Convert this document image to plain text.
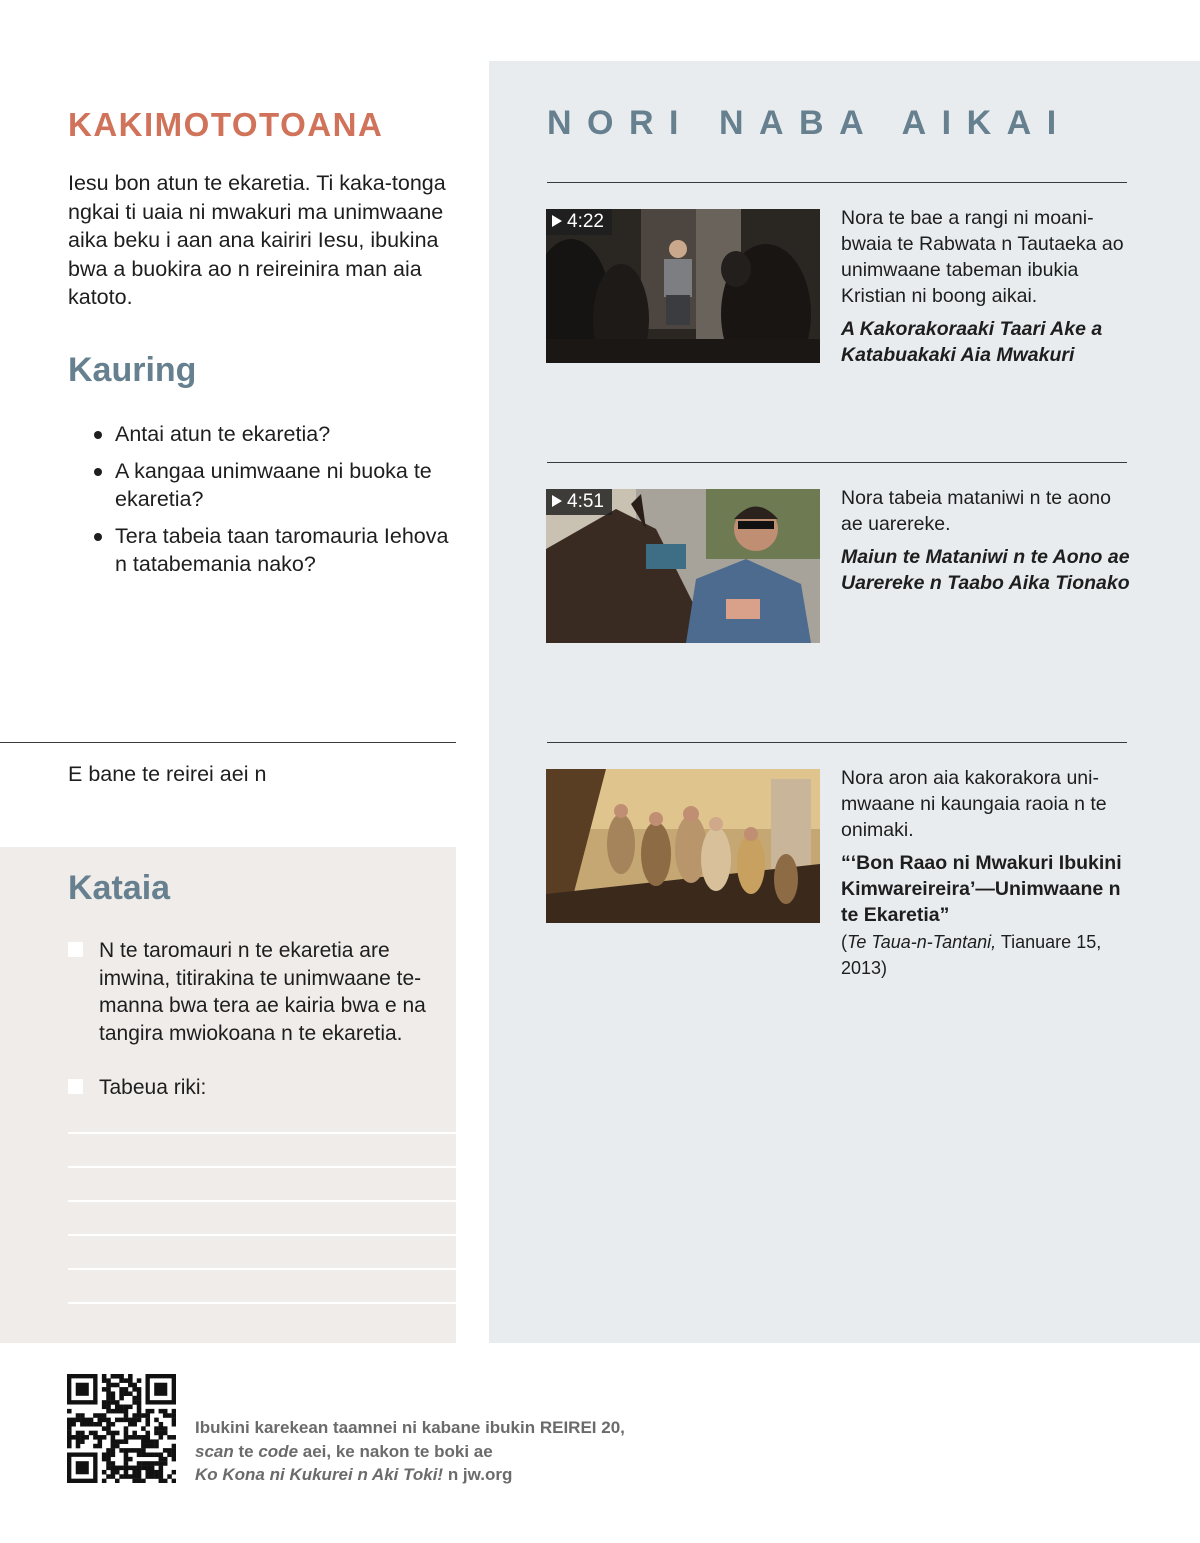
KAKIMOTOTOANA
Iesu bon atun te ekaretia. Ti kaka-tonga ngkai ti uaia ni mwakuri ma unimwaane aika beku i aan ana kairiri Iesu, ibukina bwa a buokira ao n reireinira man aia katoto.
Kauring
Antai atun te ekaretia?
A kangaa unimwaane ni buoka te ekaretia?
Tera tabeia taan taromauria Iehova n tatabemania nako?
E bane te reirei aei n
Kataia
N te taromauri n te ekaretia are imwina, titirakina te unimwaane te-manna bwa tera ae kairia bwa e na tangira mwiokoana n te ekaretia.
Tabeua riki:
NORI NABA AIKAI
4:22	Nora te bae a rangi ni moani-bwaia te Rabwata n Tautaeka ao unimwaane tabeman ibukia Kristian ni boong aikai.
A Kakorakoraaki Taari Ake a Katabuakaki Aia Mwakuri
4:51	Nora tabeia mataniwi n te aono ae uarereke.
Maiun te Mataniwi n te Aono ae Uarereke n Taabo Aika Tionako
Nora aron aia kakorakora uni-mwaane ni kaungaia raoia n te onimaki.
“‘Bon Raao ni Mwakuri Ibukini Kimwareireira’—Unimwaane n te Ekaretia”
(Te Taua-n-Tantani, Tianuare 15, 2013)
Ibukini karekean taamnei ni kabane ibukin REIREI 20,
scan te code aei, ke nakon te boki ae
Ko Kona ni Kukurei n Aki Toki! n jw.org
